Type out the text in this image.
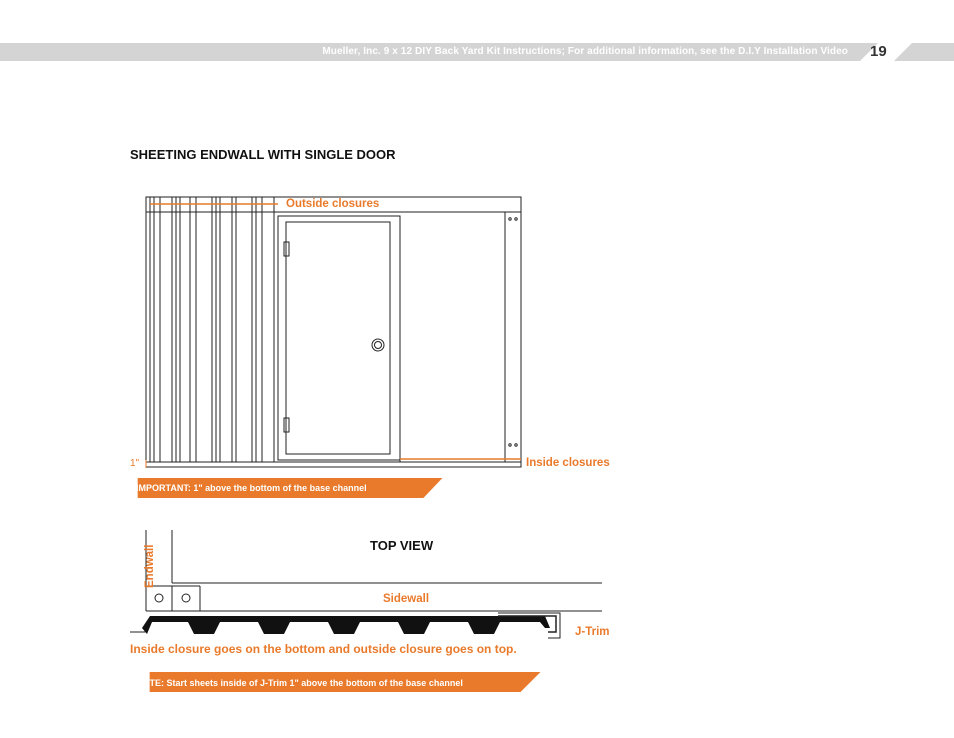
Mueller, Inc. 9 x 12 DIY Back Yard Kit Instructions; For additional information, see the D.I.Y Installation Video 19
SHEETING ENDWALL WITH SINGLE DOOR
Outside closures
Inside closures
1"
IMPORTANT: 1" above the bottom of the base channel
TOP VIEW
Endwall
Sidewall
J-Trim
Inside closure goes on the bottom and outside closure goes on top.
NOTE: Start sheets inside of J-Trim 1" above the bottom of the base channel
